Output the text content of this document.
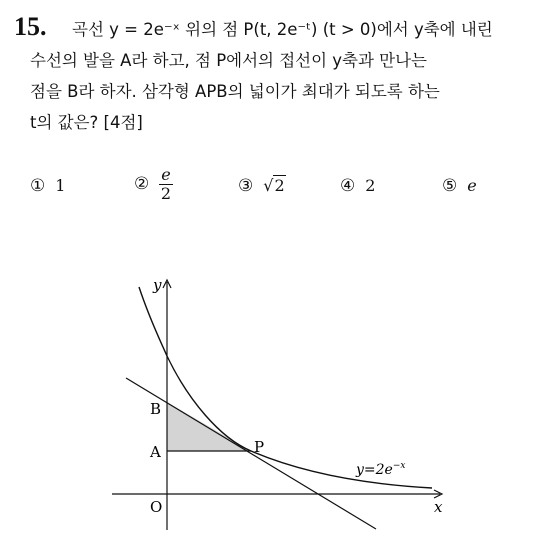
15.	곡선 y = 2e⁻ˣ 위의 점 P(t, 2e⁻ᵗ) (t > 0)에서 y축에 내린
수선의 발을 A라 하고, 점 P에서의 접선이 y축과 만나는
점을 B라 하자. 삼각형 APB의 넓이가 최대가 되도록 하는
t의 값은? [4점]
① 1	② $\frac{e}{2}$	③ √2	④ 2	⑤ e
y
x
O
B
A	P
$y=2e^{-x}$
